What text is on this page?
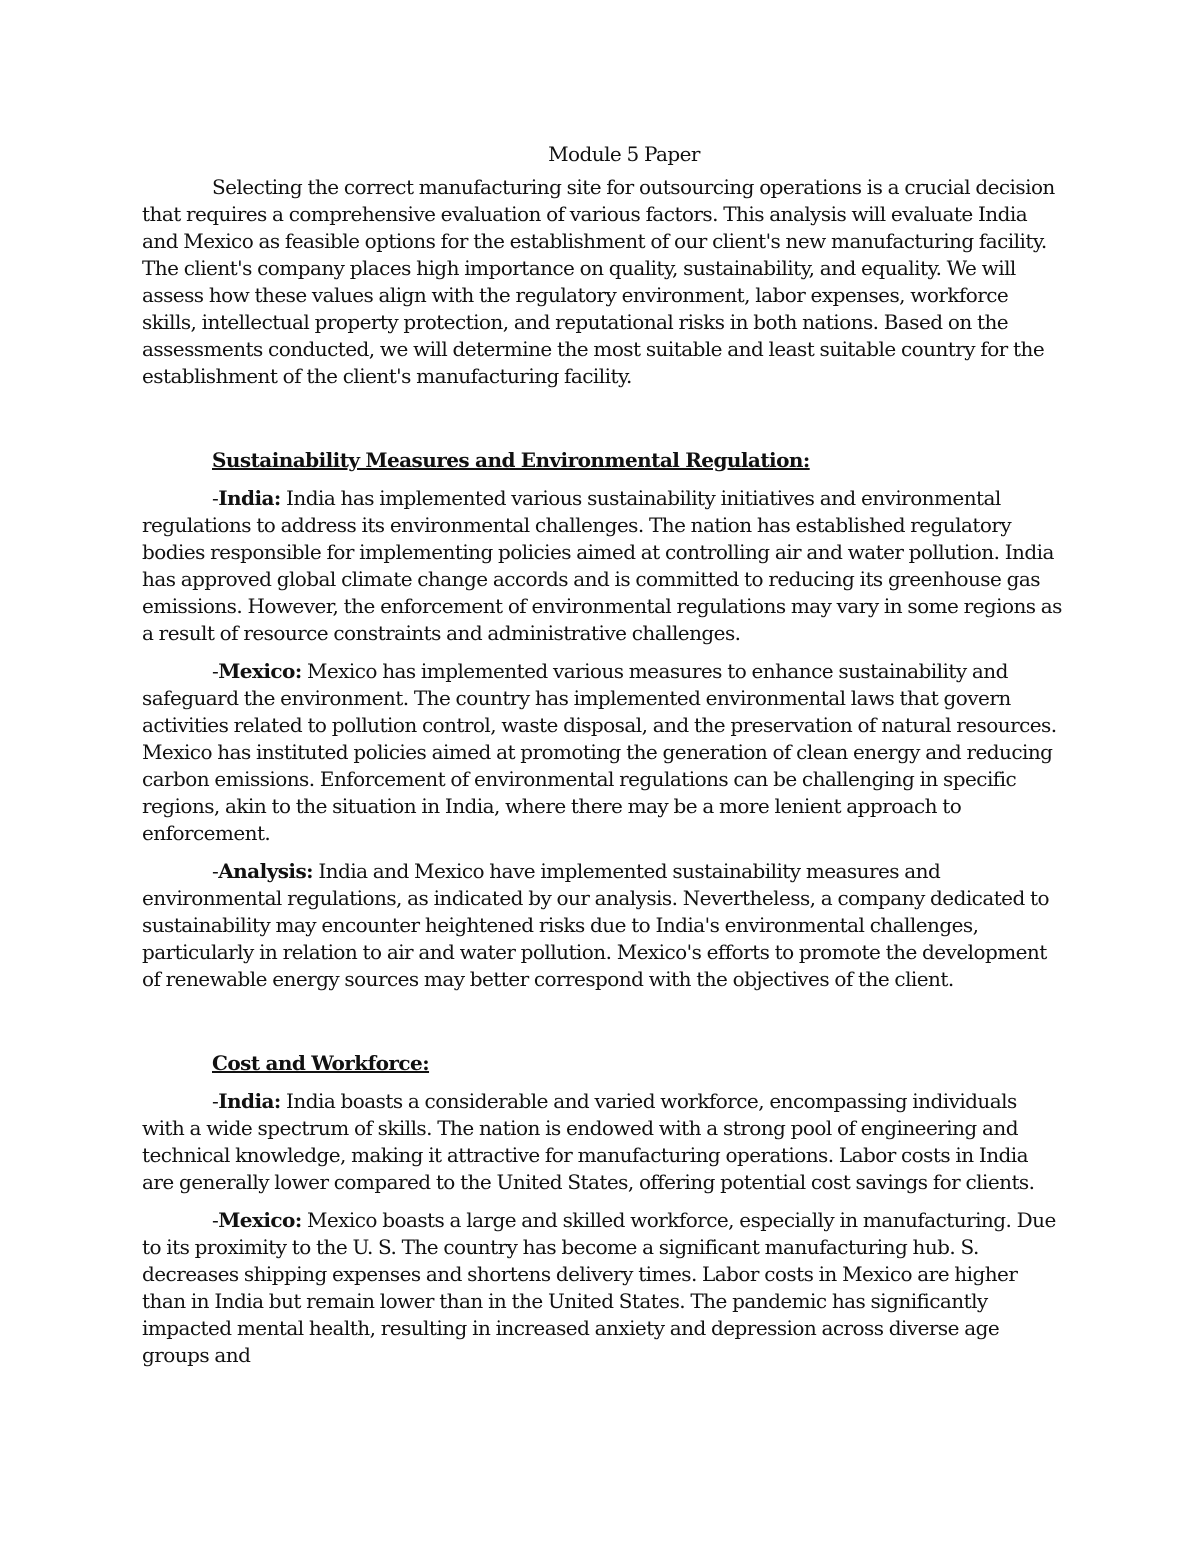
Module 5 Paper

Selecting the correct manufacturing site for outsourcing operations is a crucial decision that requires a comprehensive evaluation of various factors. This analysis will evaluate India and Mexico as feasible options for the establishment of our client's new manufacturing facility. The client's company places high importance on quality, sustainability, and equality. We will assess how these values align with the regulatory environment, labor expenses, workforce skills, intellectual property protection, and reputational risks in both nations. Based on the assessments conducted, we will determine the most suitable and least suitable country for the establishment of the client's manufacturing facility.

Sustainability Measures and Environmental Regulation:

-India: India has implemented various sustainability initiatives and environmental regulations to address its environmental challenges. The nation has established regulatory bodies responsible for implementing policies aimed at controlling air and water pollution. India has approved global climate change accords and is committed to reducing its greenhouse gas emissions. However, the enforcement of environmental regulations may vary in some regions as a result of resource constraints and administrative challenges.

-Mexico: Mexico has implemented various measures to enhance sustainability and safeguard the environment. The country has implemented environmental laws that govern activities related to pollution control, waste disposal, and the preservation of natural resources. Mexico has instituted policies aimed at promoting the generation of clean energy and reducing carbon emissions. Enforcement of environmental regulations can be challenging in specific regions, akin to the situation in India, where there may be a more lenient approach to enforcement.

-Analysis: India and Mexico have implemented sustainability measures and environmental regulations, as indicated by our analysis. Nevertheless, a company dedicated to sustainability may encounter heightened risks due to India's environmental challenges, particularly in relation to air and water pollution. Mexico's efforts to promote the development of renewable energy sources may better correspond with the objectives of the client.

Cost and Workforce:

-India: India boasts a considerable and varied workforce, encompassing individuals with a wide spectrum of skills. The nation is endowed with a strong pool of engineering and technical knowledge, making it attractive for manufacturing operations. Labor costs in India are generally lower compared to the United States, offering potential cost savings for clients.

-Mexico: Mexico boasts a large and skilled workforce, especially in manufacturing. Due to its proximity to the U. S. The country has become a significant manufacturing hub. S. decreases shipping expenses and shortens delivery times. Labor costs in Mexico are higher than in India but remain lower than in the United States. The pandemic has significantly impacted mental health, resulting in increased anxiety and depression across diverse age groups and
